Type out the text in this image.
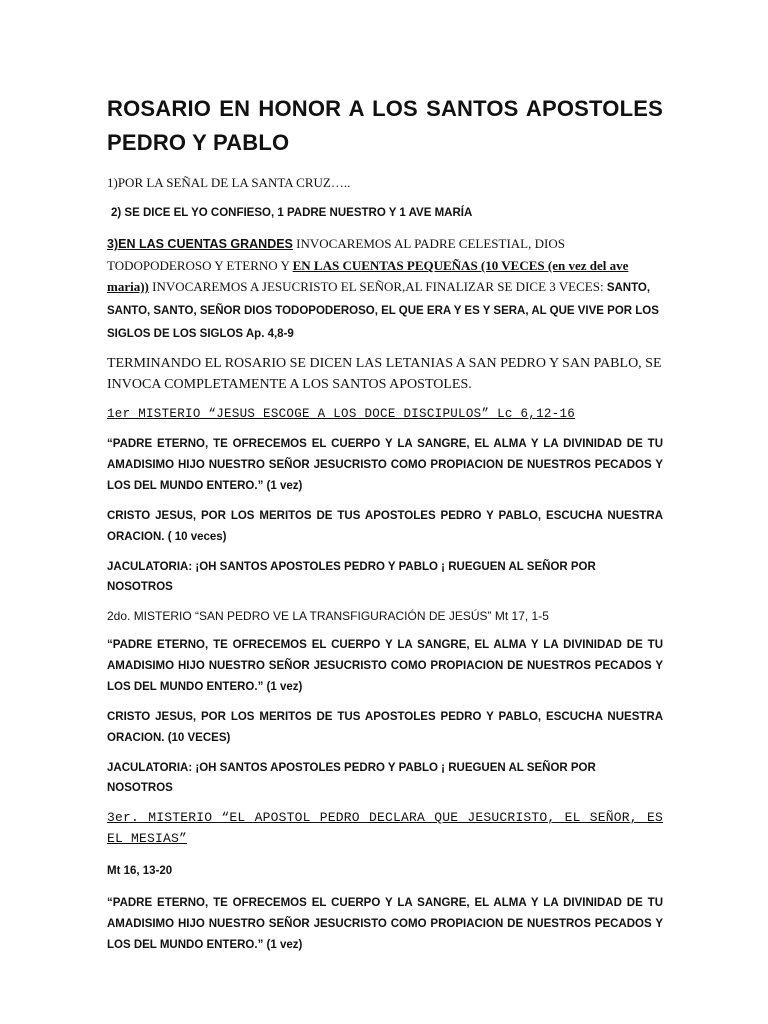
ROSARIO EN HONOR A LOS SANTOS APOSTOLES
PEDRO Y PABLO

1)POR LA SEÑAL DE LA SANTA CRUZ…..

2) SE DICE EL YO CONFIESO, 1 PADRE NUESTRO Y 1 AVE MARÍA

3)EN LAS CUENTAS GRANDES INVOCAREMOS AL PADRE CELESTIAL, DIOS TODOPODEROSO Y ETERNO Y EN LAS CUENTAS PEQUEÑAS (10 VECES (en vez del ave maria)) INVOCAREMOS A JESUCRISTO EL SEÑOR,AL FINALIZAR SE DICE 3 VECES: SANTO, SANTO, SANTO, SEÑOR DIOS TODOPODEROSO, EL QUE ERA Y ES Y SERA, AL QUE VIVE POR LOS SIGLOS DE LOS SIGLOS Ap. 4,8-9

TERMINANDO EL ROSARIO SE DICEN LAS LETANIAS A SAN PEDRO Y SAN PABLO, SE INVOCA COMPLETAMENTE A LOS SANTOS APOSTOLES.

1er MISTERIO “JESUS ESCOGE A LOS DOCE DISCIPULOS” Lc 6,12-16

“PADRE ETERNO, TE OFRECEMOS EL CUERPO Y LA SANGRE, EL ALMA Y LA DIVINIDAD DE TU AMADISIMO HIJO NUESTRO SEÑOR JESUCRISTO COMO PROPIACION DE NUESTROS PECADOS Y LOS DEL MUNDO ENTERO.” (1 vez)

CRISTO JESUS, POR LOS MERITOS DE TUS APOSTOLES PEDRO Y PABLO, ESCUCHA NUESTRA ORACION. ( 10 veces)

JACULATORIA: ¡OH SANTOS APOSTOLES PEDRO Y PABLO ¡ RUEGUEN AL SEÑOR POR NOSOTROS

2do. MISTERIO “SAN PEDRO VE LA TRANSFIGURACIÓN DE JESÚS” Mt 17, 1-5

“PADRE ETERNO, TE OFRECEMOS EL CUERPO Y LA SANGRE, EL ALMA Y LA DIVINIDAD DE TU AMADISIMO HIJO NUESTRO SEÑOR JESUCRISTO COMO PROPIACION DE NUESTROS PECADOS Y LOS DEL MUNDO ENTERO.” (1 vez)

CRISTO JESUS, POR LOS MERITOS DE TUS APOSTOLES PEDRO Y PABLO, ESCUCHA NUESTRA ORACION. (10 VECES)

JACULATORIA: ¡OH SANTOS APOSTOLES PEDRO Y PABLO ¡ RUEGUEN AL SEÑOR POR NOSOTROS

3er. MISTERIO “EL APOSTOL PEDRO DECLARA QUE JESUCRISTO, EL SEÑOR, ES EL MESIAS”

Mt 16, 13-20

“PADRE ETERNO, TE OFRECEMOS EL CUERPO Y LA SANGRE, EL ALMA Y LA DIVINIDAD DE TU AMADISIMO HIJO NUESTRO SEÑOR JESUCRISTO COMO PROPIACION DE NUESTROS PECADOS Y LOS DEL MUNDO ENTERO.” (1 vez)
